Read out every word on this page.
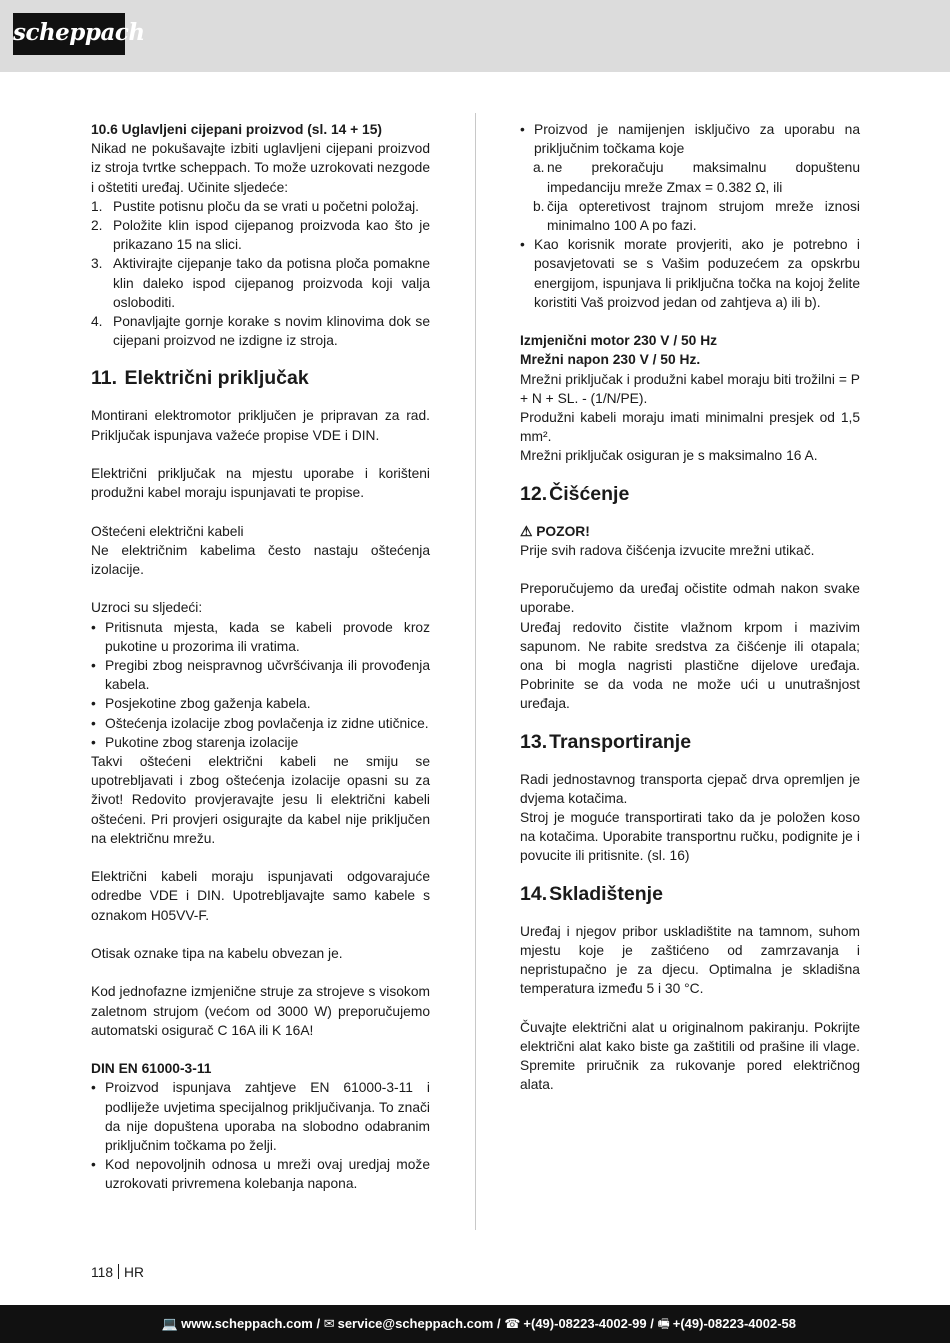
scheppach

10.6 Uglavljeni cijepani proizvod (sl. 14 + 15)

Nikad ne pokušavajte izbiti uglavljeni cijepani proizvod iz stroja tvrtke scheppach. To može uzrokovati nezgode i oštetiti uređaj. Učinite sljedeće:

1. Pustite potisnu ploču da se vrati u početni položaj.
2. Položite klin ispod cijepanog proizvoda kao što je prikazano 15 na slici.
3. Aktivirajte cijepanje tako da potisna ploča pomakne klin daleko ispod cijepanog proizvoda koji valja osloboditi.
4. Ponavljajte gornje korake s novim klinovima dok se cijepani proizvod ne izdigne iz stroja.
11. Električni priključak

Montirani elektromotor priključen je pripravan za rad. Priključak ispunjava važeće propise VDE i DIN.

Električni priključak na mjestu uporabe i korišteni produžni kabel moraju ispunjavati te propise.

Oštećeni električni kabeli

Ne električnim kabelima često nastaju oštećenja izolacije.

Uzroci su sljedeći:

• Pritisnuta mjesta, kada se kabeli provode kroz pukotine u prozorima ili vratima.
• Pregibi zbog neispravnog učvršćivanja ili provođenja kabela.
• Posjekotine zbog gaženja kabela.
• Oštećenja izolacije zbog povlačenja iz zidne utičnice.
• Pukotine zbog starenja izolacije

Takvi oštećeni električni kabeli ne smiju se upotrebljavati i zbog oštećenja izolacije opasni su za život! Redovito provjeravajte jesu li električni kabeli oštećeni. Pri provjeri osigurajte da kabel nije priključen na električnu mrežu.

Električni kabeli moraju ispunjavati odgovarajuće odredbe VDE i DIN. Upotrebljavajte samo kabele s oznakom H05VV-F.

Otisak oznake tipa na kabelu obvezan je.

Kod jednofazne izmjenične struje za strojeve s visokom zaletnom strujom (većom od 3000 W) preporučujemo automatski osigurač C 16A ili K 16A!

DIN EN 61000-3-11

• Proizvod ispunjava zahtjeve EN 61000-3-11 i podliježe uvjetima specijalnog priključivanja. To znači da nije dopuštena uporaba na slobodno odabranim priključnim točkama po želji.
• Kod nepovoljnih odnosa u mreži ovaj uredjaj može uzrokovati privremena kolebanja napona.
• Proizvod je namijenjen isključivo za uporabu na priključnim točkama koje
a. ne prekoračuju maksimalnu dopuštenu impedanciju mreže Zmax = 0.382 Ω, ili
b. čija opteretivost trajnom strujom mreže iznosi minimalno 100 A po fazi.
• Kao korisnik morate provjeriti, ako je potrebno i posavjetovati se s Vašim poduzećem za opskrbu energijom, ispunjava li priključna točka na kojoj želite koristiti Vaš proizvod jedan od zahtjeva a) ili b).

Izmjenični motor 230 V / 50 Hz

Mrežni napon 230 V / 50 Hz.

Mrežni priključak i produžni kabel moraju biti trožilni = P + N + SL. - (1/N/PE).

Produžni kabeli moraju imati minimalni presjek od 1,5 mm².

Mrežni priključak osiguran je s maksimalno 16 A.

12. Čišćenje

⚠ POZOR!

Prije svih radova čišćenja izvucite mrežni utikač.

Preporučujemo da uređaj očistite odmah nakon svake uporabe.

Uređaj redovito čistite vlažnom krpom i mazivim sapunom. Ne rabite sredstva za čišćenje ili otapala; ona bi mogla nagristi plastične dijelove uređaja. Pobrinite se da voda ne može ući u unutrašnjost uređaja.

13. Transportiranje

Radi jednostavnog transporta cjepač drva opremljen je dvjema kotačima.

Stroj je moguće transportirati tako da je položen koso na kotačima. Uporabite transportnu ručku, podignite je i povucite ili pritisnite. (sl. 16)

14. Skladištenje

Uređaj i njegov pribor uskladištite na tamnom, suhom mjestu koje je zaštićeno od zamrzavanja i nepristupačno je za djecu. Optimalna je skladišna temperatura između 5 i 30 °C.

Čuvajte električni alat u originalnom pakiranju. Pokrijte električni alat kako biste ga zaštitili od prašine ili vlage. Spremite priručnik za rukovanje pored električnog alata.

118 HR
💻 www.scheppach.com / ✉ service@scheppach.com / ☎ +(49)-08223-4002-99 / 🖷 +(49)-08223-4002-58
